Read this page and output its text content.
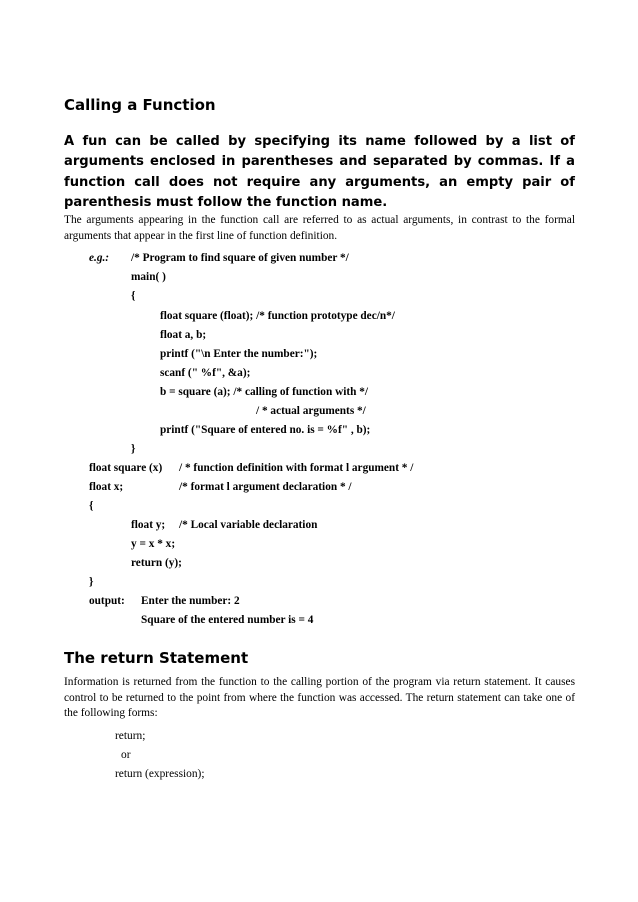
Calling a Function

A fun can be called by specifying its name followed by a list of arguments enclosed in parentheses and separated by commas. If a function call does not require any arguments, an empty pair of parenthesis must follow the function name.

The arguments appearing in the function call are referred to as actual arguments, in contrast to the formal arguments that appear in the first line of function definition.

e.g.: /* Program to find square of given number */
main( )
{
float square (float); /* function prototype dec/n*/
float a, b;
printf ("\n Enter the number:");
scanf (" %f", &a);
b = square (a); /* calling of function with */
/ * actual arguments */
printf ("Square of entered no. is = %f" , b);
}
float square (x) / * function definition with format l argument * /
float x;	/* format l argument declaration * /
{
float y; /* Local variable declaration
y = x * x;
return (y);
}
output: Enter the number: 2
Square of the entered number is = 4
The return Statement

Information is returned from the function to the calling portion of the program via return statement. It causes control to be returned to the point from where the function was accessed. The return statement can take one of the following forms:

return;
or
return (expression);
